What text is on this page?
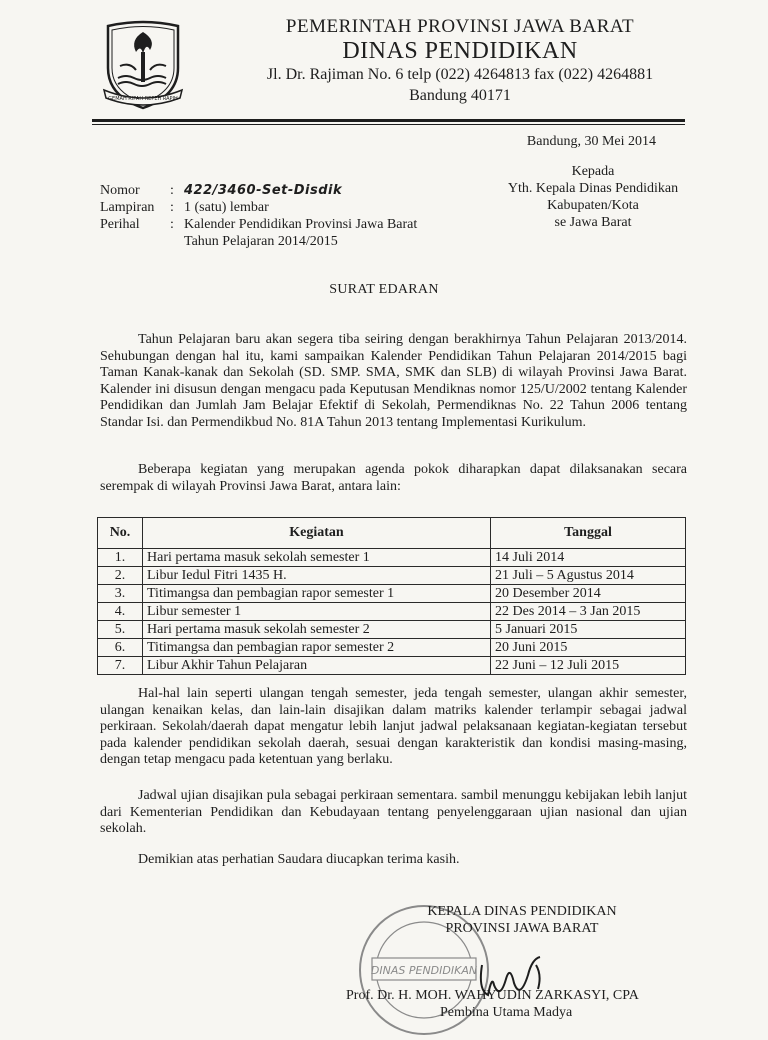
GEMAH RIPAH REPEH RAPIH
PEMERINTAH PROVINSI JAWA BARAT
DINAS PENDIDIKAN
Jl. Dr. Rajiman No. 6 telp (022) 4264813 fax (022) 4264881
Bandung 40171
Bandung, 30 Mei 2014
Kepada
Yth. Kepala Dinas Pendidikan
Kabupaten/Kota
se Jawa Barat
Nomor	: 422/3460-Set-Disdik
Lampiran	: 1 (satu) lembar
Perihal	: Kalender Pendidikan Provinsi Jawa Barat
Tahun Pelajaran 2014/2015
SURAT EDARAN

Tahun Pelajaran baru akan segera tiba seiring dengan berakhirnya Tahun Pelajaran 2013/2014. Sehubungan dengan hal itu, kami sampaikan Kalender Pendidikan Tahun Pelajaran 2014/2015 bagi Taman Kanak-kanak dan Sekolah (SD. SMP. SMA, SMK dan SLB) di wilayah Provinsi Jawa Barat. Kalender ini disusun dengan mengacu pada Keputusan Mendiknas nomor 125/U/2002 tentang Kalender Pendidikan dan Jumlah Jam Belajar Efektif di Sekolah, Permendiknas No. 22 Tahun 2006 tentang Standar Isi. dan Permendikbud No. 81A Tahun 2013 tentang Implementasi Kurikulum.

Beberapa kegiatan yang merupakan agenda pokok diharapkan dapat dilaksanakan secara serempak di wilayah Provinsi Jawa Barat, antara lain:

No.	Kegiatan	Tanggal
1.	Hari pertama masuk sekolah semester 1	14 Juli 2014
2.	Libur Iedul Fitri 1435 H.	21 Juli – 5 Agustus 2014
3.	Titimangsa dan pembagian rapor semester 1	20 Desember 2014
4.	Libur semester 1	22 Des 2014 – 3 Jan 2015
5.	Hari pertama masuk sekolah semester 2	5 Januari 2015
6.	Titimangsa dan pembagian rapor semester 2	20 Juni 2015
7.	Libur Akhir Tahun Pelajaran	22 Juni – 12 Juli 2015

Hal-hal lain seperti ulangan tengah semester, jeda tengah semester, ulangan akhir semester, ulangan kenaikan kelas, dan lain-lain disajikan dalam matriks kalender terlampir sebagai jadwal perkiraan. Sekolah/daerah dapat mengatur lebih lanjut jadwal pelaksanaan kegiatan-kegiatan tersebut pada kalender pendidikan sekolah daerah, sesuai dengan karakteristik dan kondisi masing-masing, dengan tetap mengacu pada ketentuan yang berlaku.

Jadwal ujian disajikan pula sebagai perkiraan sementara. sambil menunggu kebijakan lebih lanjut dari Kementerian Pendidikan dan Kebudayaan tentang penyelenggaraan ujian nasional dan ujian sekolah.

Demikian atas perhatian Saudara diucapkan terima kasih.

DINAS PENDIDIKAN
KEPALA DINAS PENDIDIKAN
PROVINSI JAWA BARAT
Prof. Dr. H. MOH. WAHYUDIN ZARKASYI, CPA
Pembina Utama Madya
